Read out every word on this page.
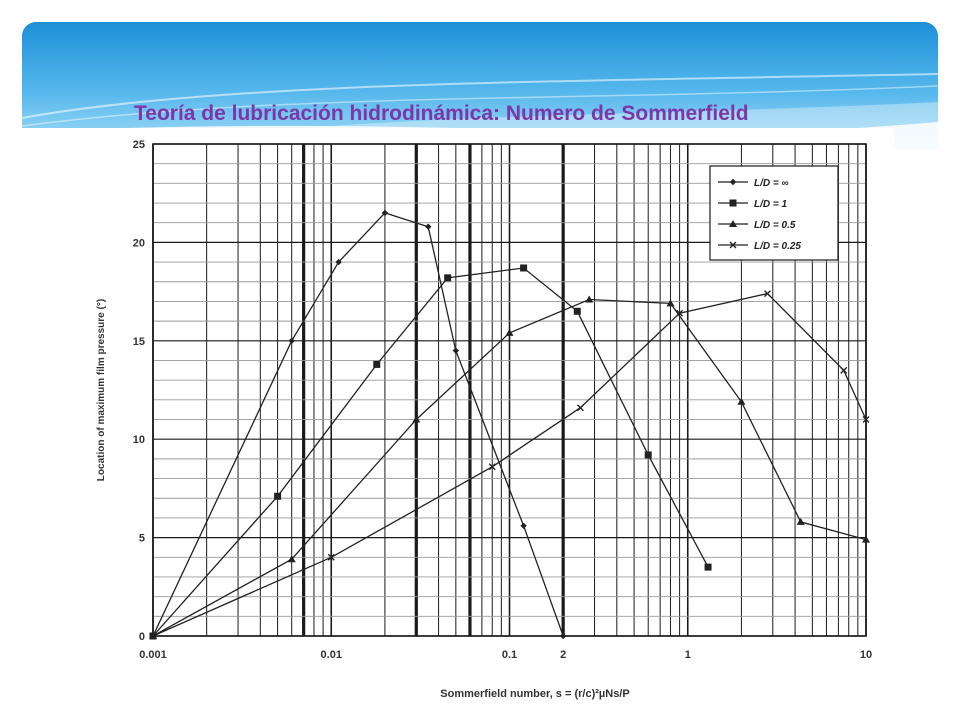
Teoría de lubricación hidrodinámica: Numero de Sommerfield
0
5
10
15
20
25
0.001	0.01	0.1	2	1	10
L/D = ∞
L/D = 1
L/D = 0.5
L/D = 0.25
Sommerfield number, s = (r/c)²µNs/P
Location of maximum film pressure (°)
